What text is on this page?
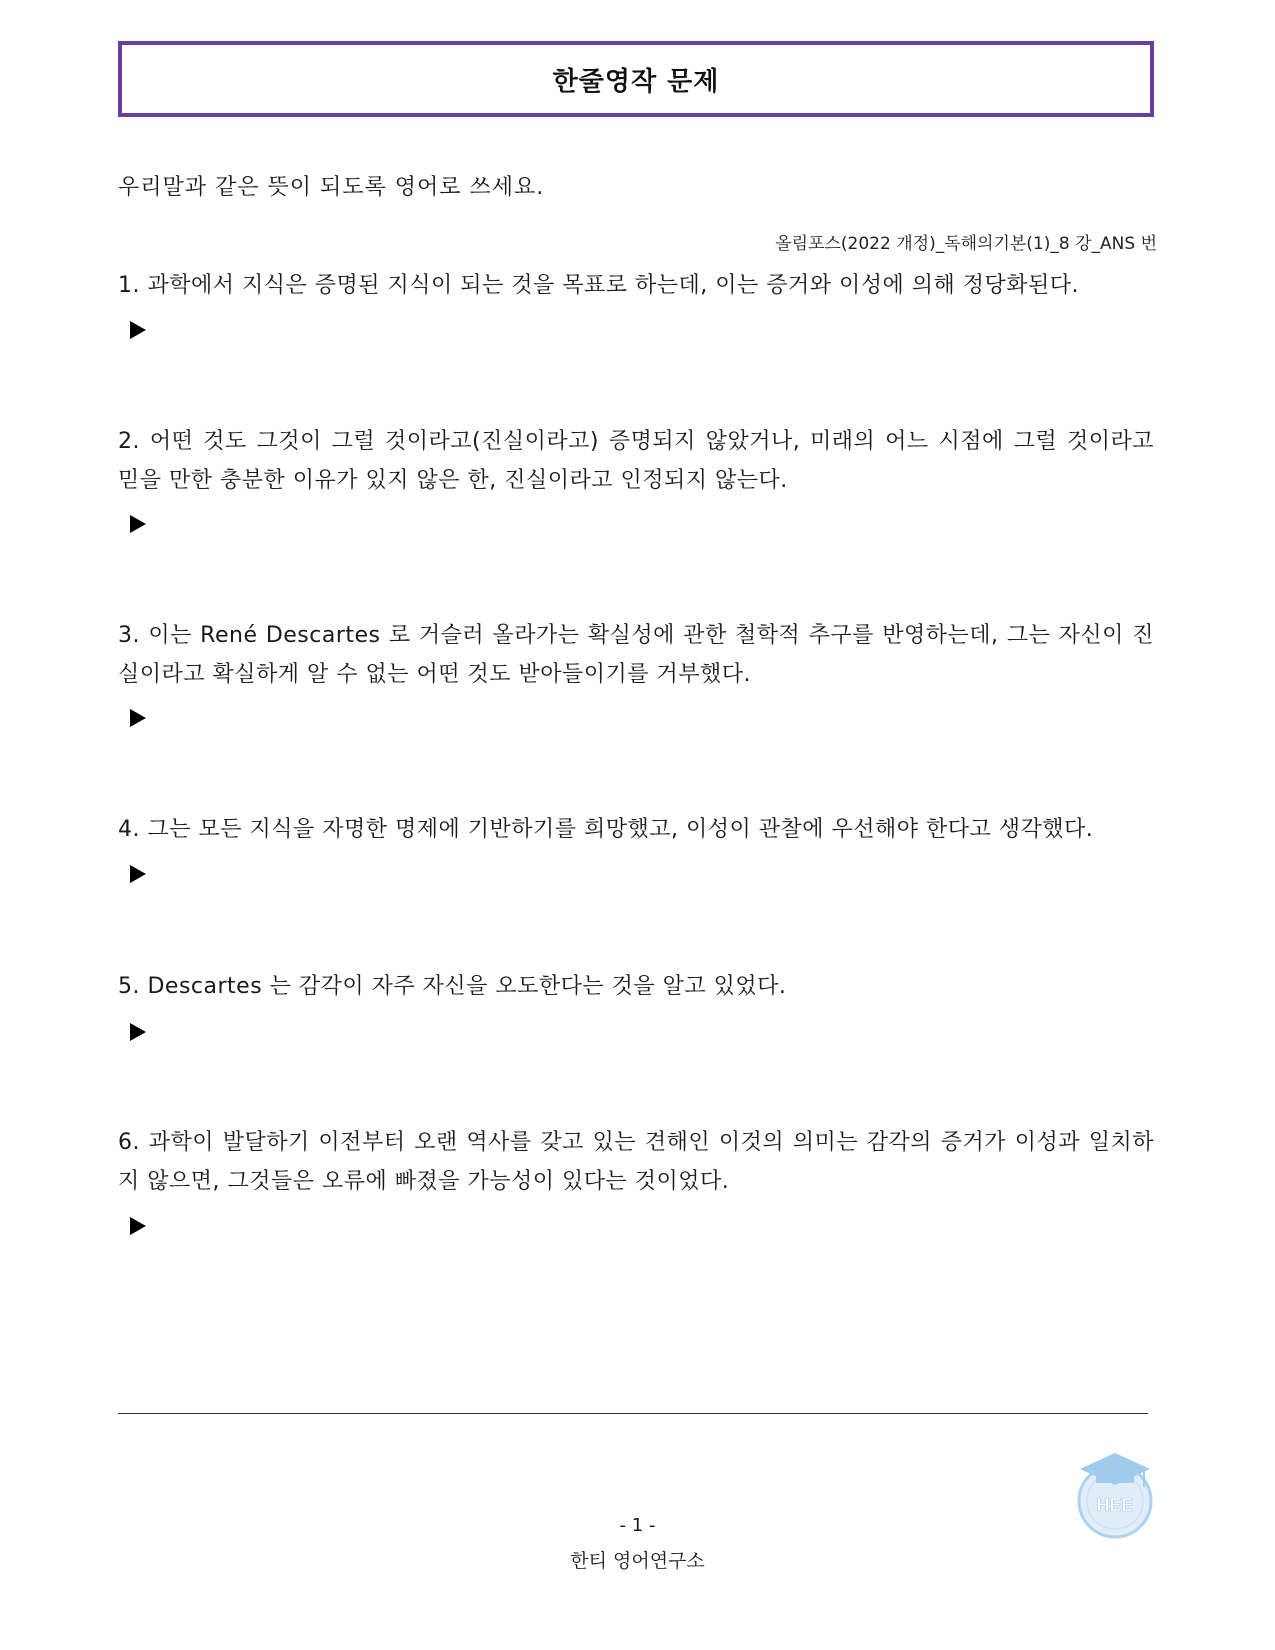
한줄영작 문제
우리말과 같은 뜻이 되도록 영어로 쓰세요.
올림포스(2022 개정)_독해의기본(1)_8 강_ANS 번
1. 과학에서 지식은 증명된 지식이 되는 것을 목표로 하는데, 이는 증거와 이성에 의해 정당화된다.
2. 어떤 것도 그것이 그럴 것이라고(진실이라고) 증명되지 않았거나, 미래의 어느 시점에 그럴 것이라고 믿을 만한 충분한 이유가 있지 않은 한, 진실이라고 인정되지 않는다.
3. 이는 René Descartes 로 거슬러 올라가는 확실성에 관한 철학적 추구를 반영하는데, 그는 자신이 진실이라고 확실하게 알 수 없는 어떤 것도 받아들이기를 거부했다.
4. 그는 모든 지식을 자명한 명제에 기반하기를 희망했고, 이성이 관찰에 우선해야 한다고 생각했다.
5. Descartes 는 감각이 자주 자신을 오도한다는 것을 알고 있었다.
6. 과학이 발달하기 이전부터 오랜 역사를 갖고 있는 견해인 이것의 의미는 감각의 증거가 이성과 일치하지 않으면, 그것들은 오류에 빠졌을 가능성이 있다는 것이었다.
HEE
- 1 -
한티 영어연구소
